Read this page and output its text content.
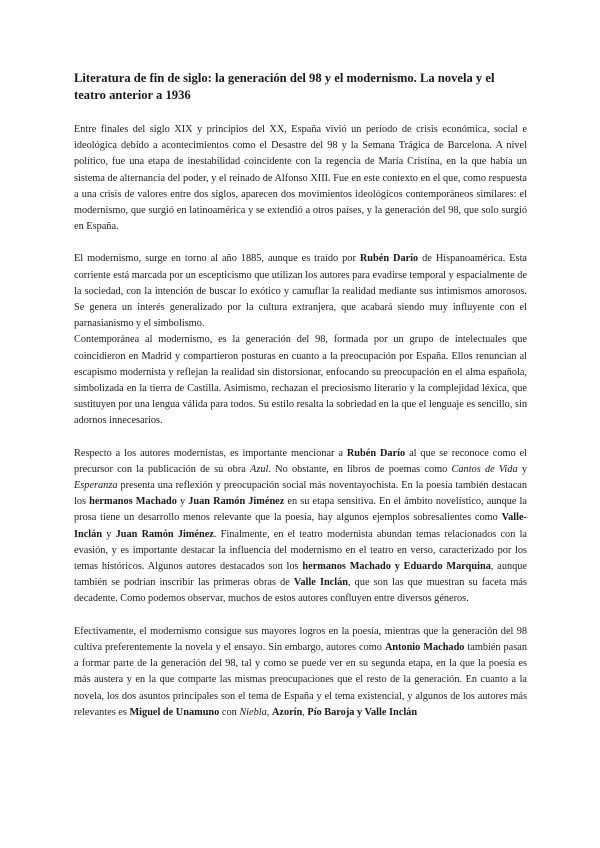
Literatura de fin de siglo: la generación del 98 y el modernismo. La novela y el teatro anterior a 1936

Entre finales del siglo XIX y principios del XX, España vivió un periodo de crisis económica, social e ideológica debido a acontecimientos como el Desastre del 98 y la Semana Trágica de Barcelona. A nivel político, fue una etapa de inestabilidad coincidente con la regencia de María Cristina, en la que había un sistema de alternancia del poder, y el reinado de Alfonso XIII. Fue en este contexto en el que, como respuesta a una crisis de valores entre dos siglos, aparecen dos movimientos ideológicos contemporáneos similares: el modernismo, que surgió en latinoamérica y se extendió a otros países, y la generación del 98, que solo surgió en España.

El modernismo, surge en torno al año 1885, aunque es traído por Rubén Darío de Hispanoamérica. Esta corriente está marcada por un escepticismo que utilizan los autores para evadirse temporal y espacialmente de la sociedad, con la intención de buscar lo exótico y camuflar la realidad mediante sus intimismos amorosos. Se genera un interés generalizado por la cultura extranjera, que acabará siendo muy influyente con el parnasianismo y el simbolismo.

Contemporánea al modernismo, es la generación del 98, formada por un grupo de intelectuales que coincidieron en Madrid y compartieron posturas en cuanto a la preocupación por España. Ellos renuncian al escapismo modernista y reflejan la realidad sin distorsionar, enfocando su preocupación en el alma española, simbolizada en la tierra de Castilla. Asimismo, rechazan el preciosismo literario y la complejidad léxica, que sustituyen por una lengua válida para todos. Su estilo resalta la sobriedad en la que el lenguaje es sencillo, sin adornos innecesarios.

Respecto a los autores modernistas, es importante mencionar a Rubén Darío al que se reconoce como el precursor con la publicación de su obra Azul. No obstante, en libros de poemas como Cantos de Vida y Esperanza presenta una reflexión y preocupación social más noventayochista. En la poesía también destacan los hermanos Machado y Juan Ramón Jiménez en su etapa sensitiva. En el ámbito novelístico, aunque la prosa tiene un desarrollo menos relevante que la poesía, hay algunos ejemplos sobresalientes como Valle-Inclán y Juan Ramón Jiménez. Finalmente, en el teatro modernista abundan temas relacionados con la evasión, y es importante destacar la influencia del modernismo en el teatro en verso, caracterizado por los temas históricos. Algunos autores destacados son los hermanos Machado y Eduardo Marquina, aunque también se podrían inscribir las primeras obras de Valle Inclán, que son las que muestran su faceta más decadente. Como podemos observar, muchos de estos autores confluyen entre diversos géneros.

Efectivamente, el modernismo consigue sus mayores logros en la poesía, mientras que la generación del 98 cultiva preferentemente la novela y el ensayo. Sin embargo, autores como Antonio Machado también pasan a formar parte de la generación del 98, tal y como se puede ver en su segunda etapa, en la que la poesía es más austera y en la que comparte las mismas preocupaciones que el resto de la generación. En cuanto a la novela, los dos asuntos principales son el tema de España y el tema existencial, y algunos de los autores más relevantes es Miguel de Unamuno con Niebla, Azorín, Pío Baroja y Valle Inclán
